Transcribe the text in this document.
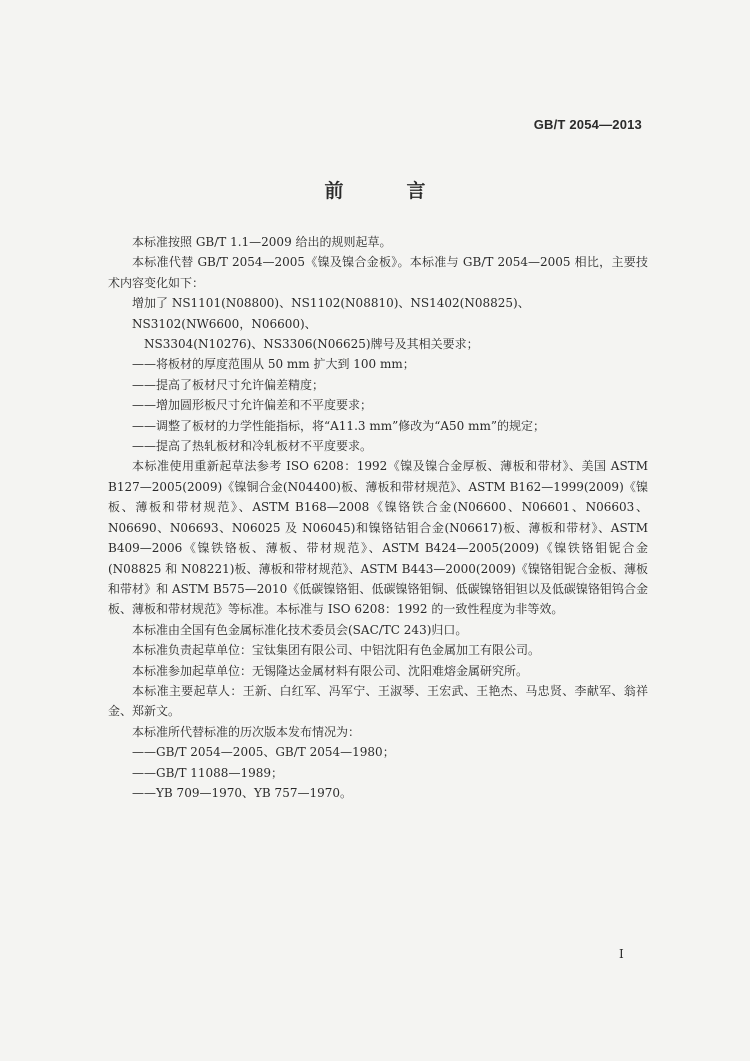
GB/T 2054—2013
前　言

本标准按照 GB/T 1.1—2009 给出的规则起草。

本标准代替 GB/T 2054—2005《镍及镍合金板》。本标准与 GB/T 2054—2005 相比，主要技术内容变化如下：

增加了 NS1101(N08800)、NS1102(N08810)、NS1402(N08825)、NS3102(NW6600，N06600)、

NS3304(N10276)、NS3306(N06625)牌号及其相关要求；

——将板材的厚度范围从 50 mm 扩大到 100 mm；

——提高了板材尺寸允许偏差精度；

——增加圆形板尺寸允许偏差和不平度要求；

——调整了板材的力学性能指标，将“A11.3 mm”修改为“A50 mm”的规定；

——提高了热轧板材和冷轧板材不平度要求。

本标准使用重新起草法参考 ISO 6208：1992《镍及镍合金厚板、薄板和带材》、美国 ASTM B127—2005(2009)《镍铜合金(N04400)板、薄板和带材规范》、ASTM B162—1999(2009)《镍板、薄板和带材规范》、ASTM B168—2008《镍铬铁合金(N06600、N06601、N06603、N06690、N06693、N06025 及 N06045)和镍铬钴钼合金(N06617)板、薄板和带材》、ASTM B409—2006《镍铁铬板、薄板、带材规范》、ASTM B424—2005(2009)《镍铁铬钼铌合金(N08825 和 N08221)板、薄板和带材规范》、ASTM B443—2000(2009)《镍铬钼铌合金板、薄板和带材》和 ASTM B575—2010《低碳镍铬钼、低碳镍铬钼铜、低碳镍铬钼钽以及低碳镍铬钼钨合金板、薄板和带材规范》等标准。本标准与 ISO 6208：1992 的一致性程度为非等效。

本标准由全国有色金属标准化技术委员会(SAC/TC 243)归口。

本标准负责起草单位：宝钛集团有限公司、中铝沈阳有色金属加工有限公司。

本标准参加起草单位：无锡隆达金属材料有限公司、沈阳难熔金属研究所。

本标准主要起草人：王新、白红军、冯军宁、王淑琴、王宏武、王艳杰、马忠贤、李献军、翁祥金、郑新文。

本标准所代替标准的历次版本发布情况为：

——GB/T 2054—2005、GB/T 2054—1980；

——GB/T 11088—1989；

——YB 709—1970、YB 757—1970。

I
